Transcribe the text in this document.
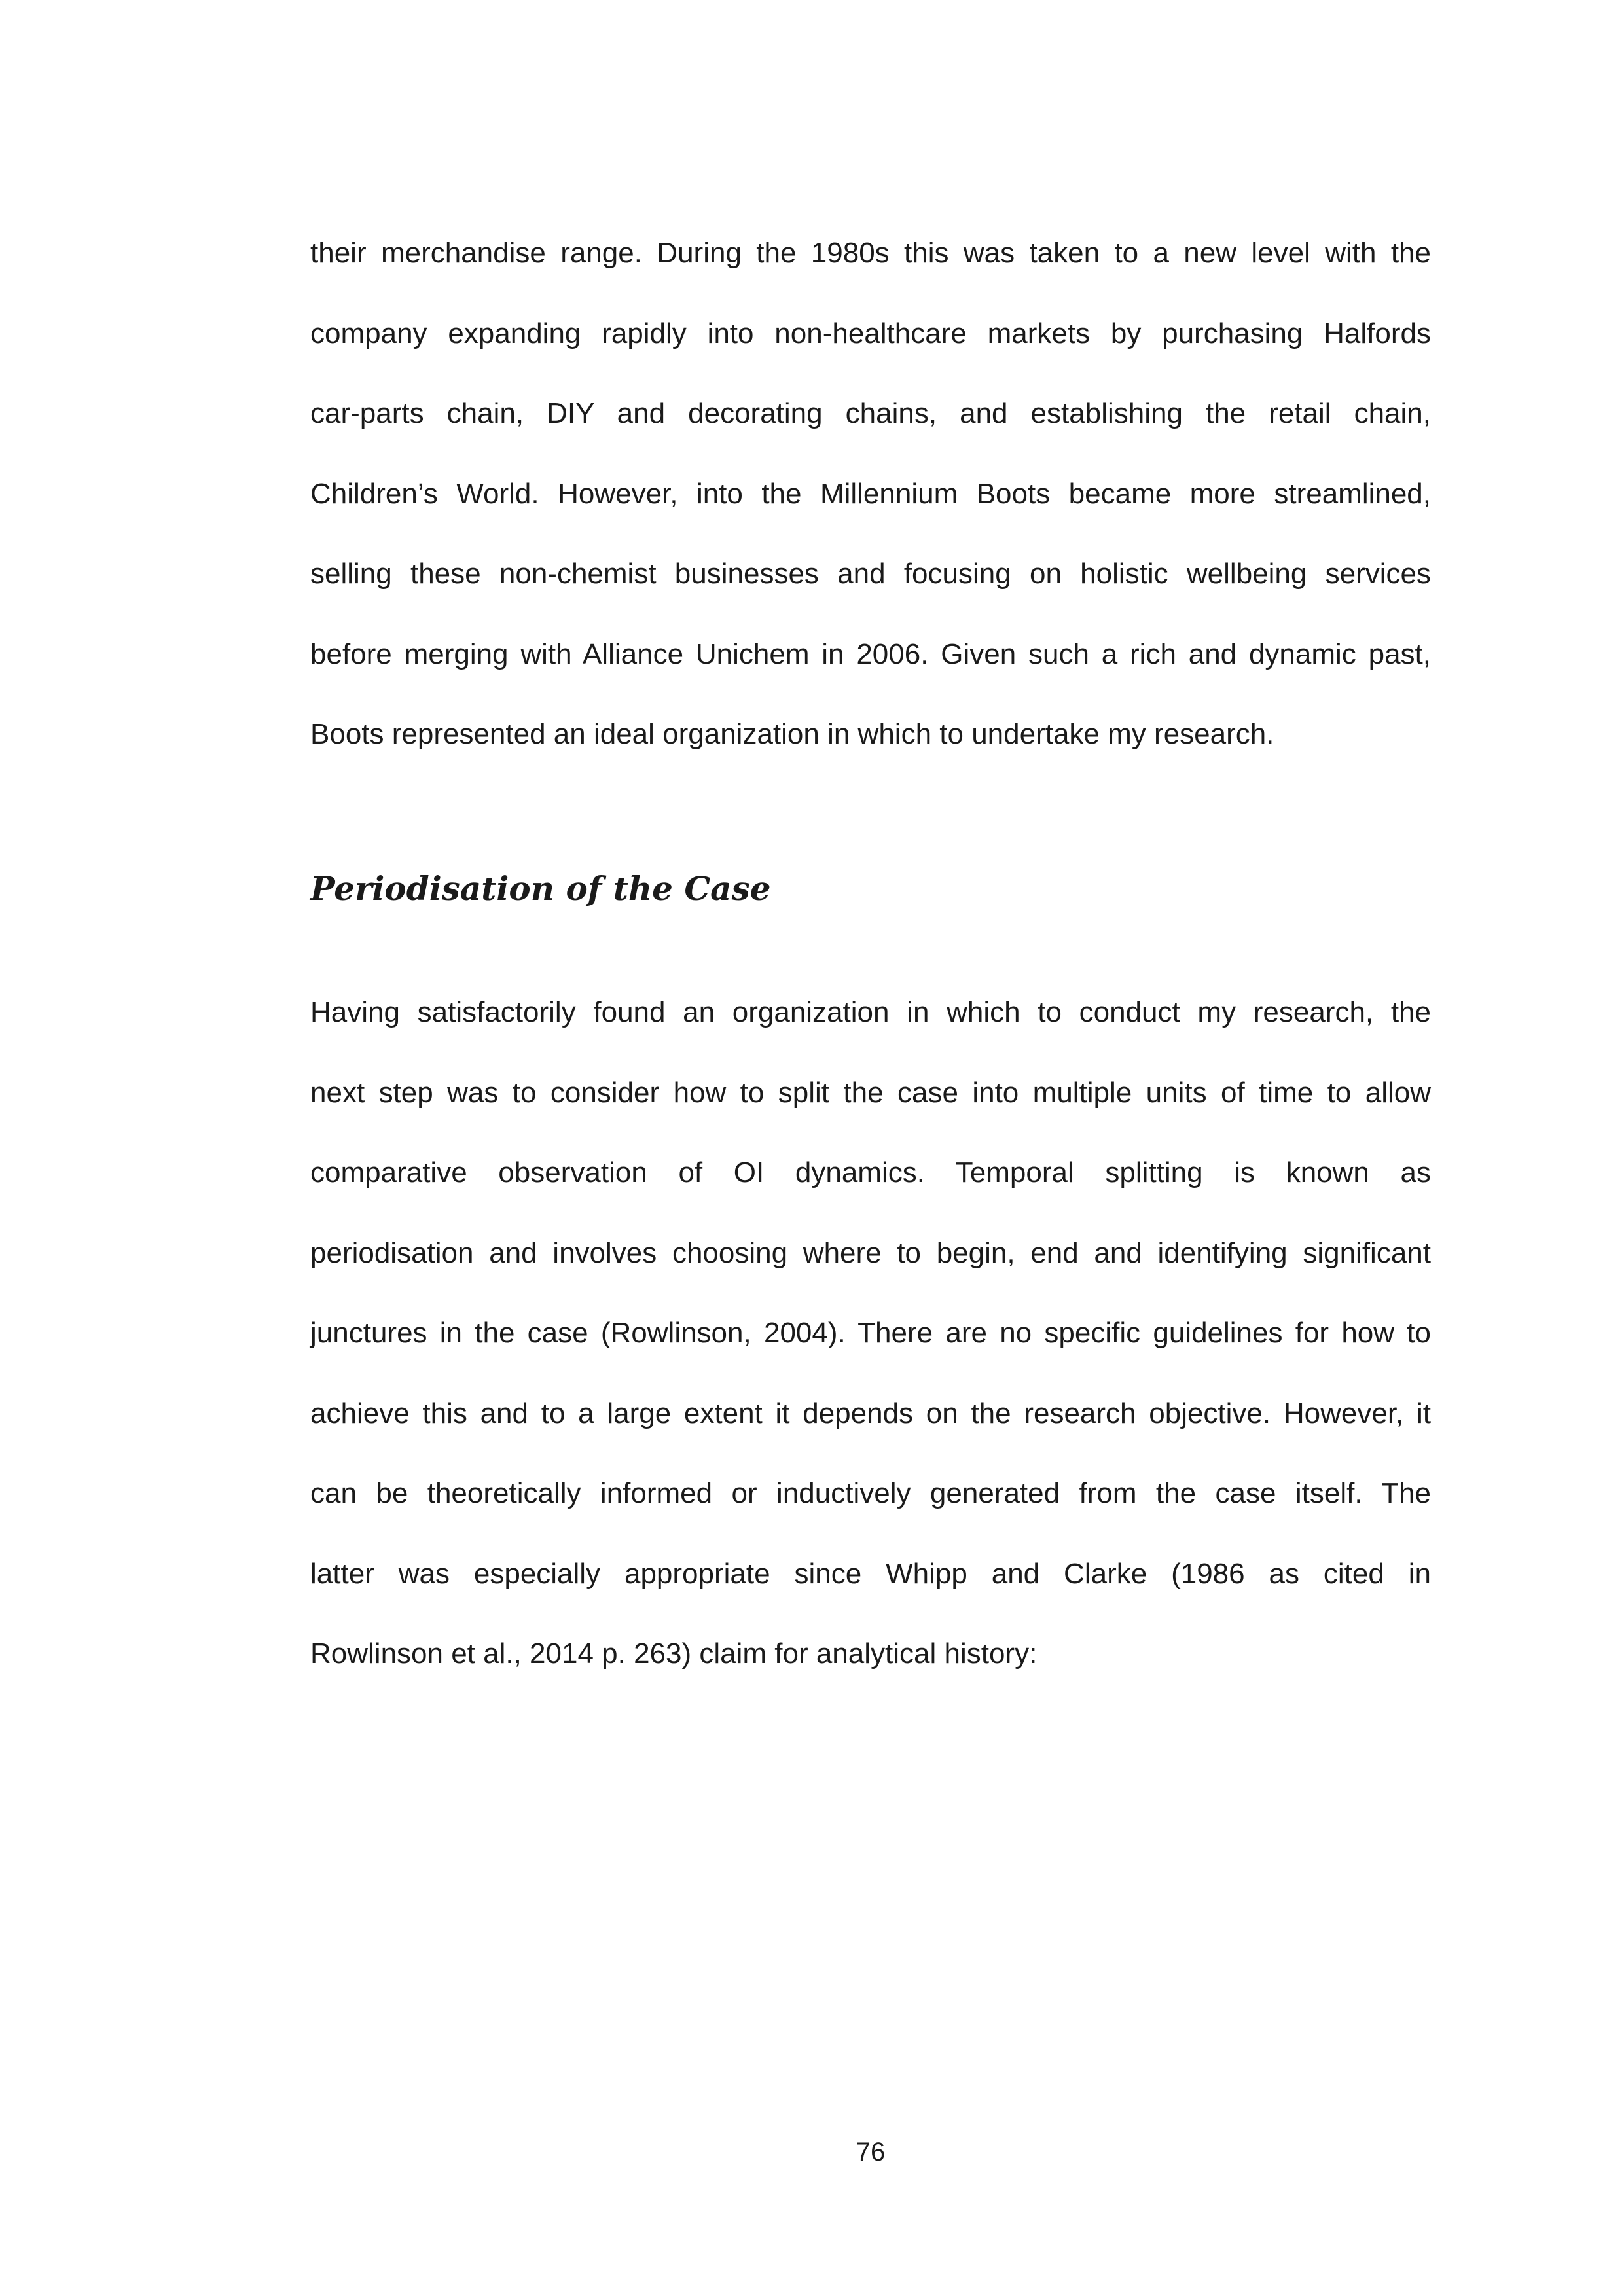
their merchandise range. During the 1980s this was taken to a new level with the
company expanding rapidly into non-healthcare markets by purchasing Halfords
car-parts chain, DIY and decorating chains, and establishing the retail chain,
Children’s World. However, into the Millennium Boots became more streamlined,
selling these non-chemist businesses and focusing on holistic wellbeing services
before merging with Alliance Unichem in 2006. Given such a rich and dynamic past,
Boots represented an ideal organization in which to undertake my research.
Periodisation of the Case
Having satisfactorily found an organization in which to conduct my research, the
next step was to consider how to split the case into multiple units of time to allow
comparative observation of OI dynamics. Temporal splitting is known as
periodisation and involves choosing where to begin, end and identifying significant
junctures in the case (Rowlinson, 2004). There are no specific guidelines for how to
achieve this and to a large extent it depends on the research objective. However, it
can be theoretically informed or inductively generated from the case itself. The
latter was especially appropriate since Whipp and Clarke (1986 as cited in
Rowlinson et al., 2014 p. 263) claim for analytical history:
76
